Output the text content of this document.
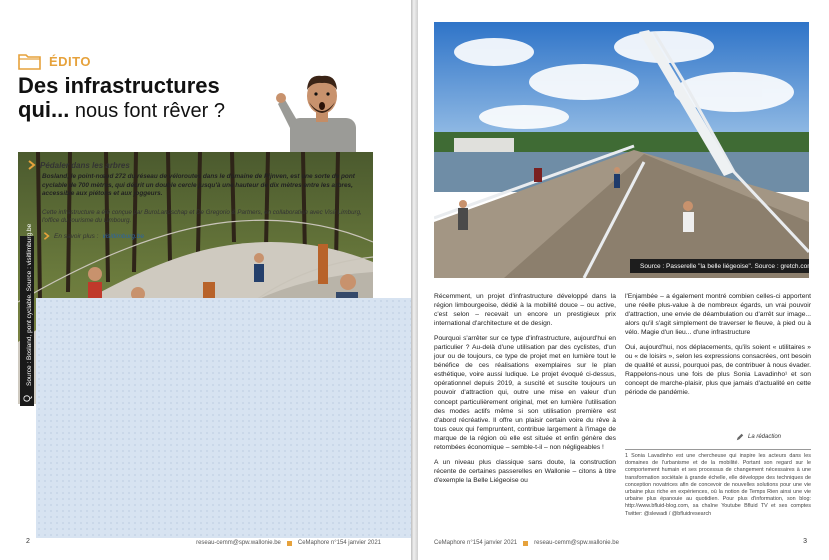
ÉDITO
Des infrastructures
qui... nous font rêver ?
Source : Bosland, pont cyclable. Source : visitlimburg.be
Q
Pédaler dans les arbres

Bosland, le point-nœud 272 du réseau de véloroutes dans le domaine de Pijnven, est une sorte de pont cyclable de 700 mètres, qui décrit un double cercle jusqu'à une hauteur de dix mètres entre les arbres, accessible aux piétons et aux joggeurs.

Cette infrastructure a été conçue par BuroLandschap et De Gregorio & Partners, en collaboration avec Visit Limburg, l'office du tourisme du Limbourg.

En savoir plus : visitlimburg.be
2	reseau-cemm@spw.wallonie.be	CeMaphore n°154 janvier 2021
Source : Passerelle "la belle liégeoise". Source : gretch.com

Récemment, un projet d'infrastructure développé dans la région limbourgeoise, dédié à la mobilité douce – ou active, c'est selon – recevait un encore un prestigieux prix international d'architecture et de design.

Pourquoi s'arrêter sur ce type d'infrastructure, aujourd'hui en particulier ? Au-delà d'une utilisation par des cyclistes, d'un jour ou de toujours, ce type de projet met en lumière tout le bénéfice de ces réalisations exemplaires sur le plan esthétique, voire aussi ludique. Le projet évoqué ci-dessus, opérationnel depuis 2019, a suscité et suscite toujours un pouvoir d'attraction qui, outre une mise en valeur d'un concept particulièrement original, met en lumière l'utilisation des modes actifs même si son utilisation première est d'abord récréative. Il offre un plaisir certain voire du rêve à tous ceux qui l'empruntent, contribue largement à l'image de marque de la région où elle est située et enfin génère des retombées économique – semble-t-il – non négligeables !

A un niveau plus classique sans doute, la construction récente de certaines passerelles en Wallonie – citons à titre d'exemple la Belle Liégeoise ou

l'Enjambée – a également montré combien celles-ci apportent une réelle plus-value à de nombreux égards, un vrai pouvoir d'attraction, une envie de déambulation ou d'arrêt sur image... alors qu'il s'agit simplement de traverser le fleuve, à pied ou à vélo. Magie d'un lieu... d'une infrastructure

Oui, aujourd'hui, nos déplacements, qu'ils soient « utilitaires » ou « de loisirs », selon les expressions consacrées, ont besoin de qualité et aussi, pourquoi pas, de contribuer à nous évader. Rappelons-nous une fois de plus Sonia Lavadinho¹ et son concept de marche-plaisir, plus que jamais d'actualité en cette période de pandémie.

La rédaction

1 Sonia Lavadinho est une chercheuse qui inspire les acteurs dans les domaines de l'urbanisme et de la mobilité. Portant son regard sur le comportement humain et ses processus de changement nécessaires à une transformation sociétale à grande échelle, elle développe des techniques de conception novatrices afin de concevoir de nouvelles solutions pour une vie urbaine plus riche en expériences, où la notion de Temps Rien ainsi une vie urbaine plus épanouie au quotidien. Pour plus d'information, son blog: http://www.bfluid-blog.com, sa chaîne Youtube Bfluid TV et ses comptes Twitter: @slewadi / @bfluidresearch

CeMaphore n°154 janvier 2021	reseau-cemm@spw.wallonie.be	3
